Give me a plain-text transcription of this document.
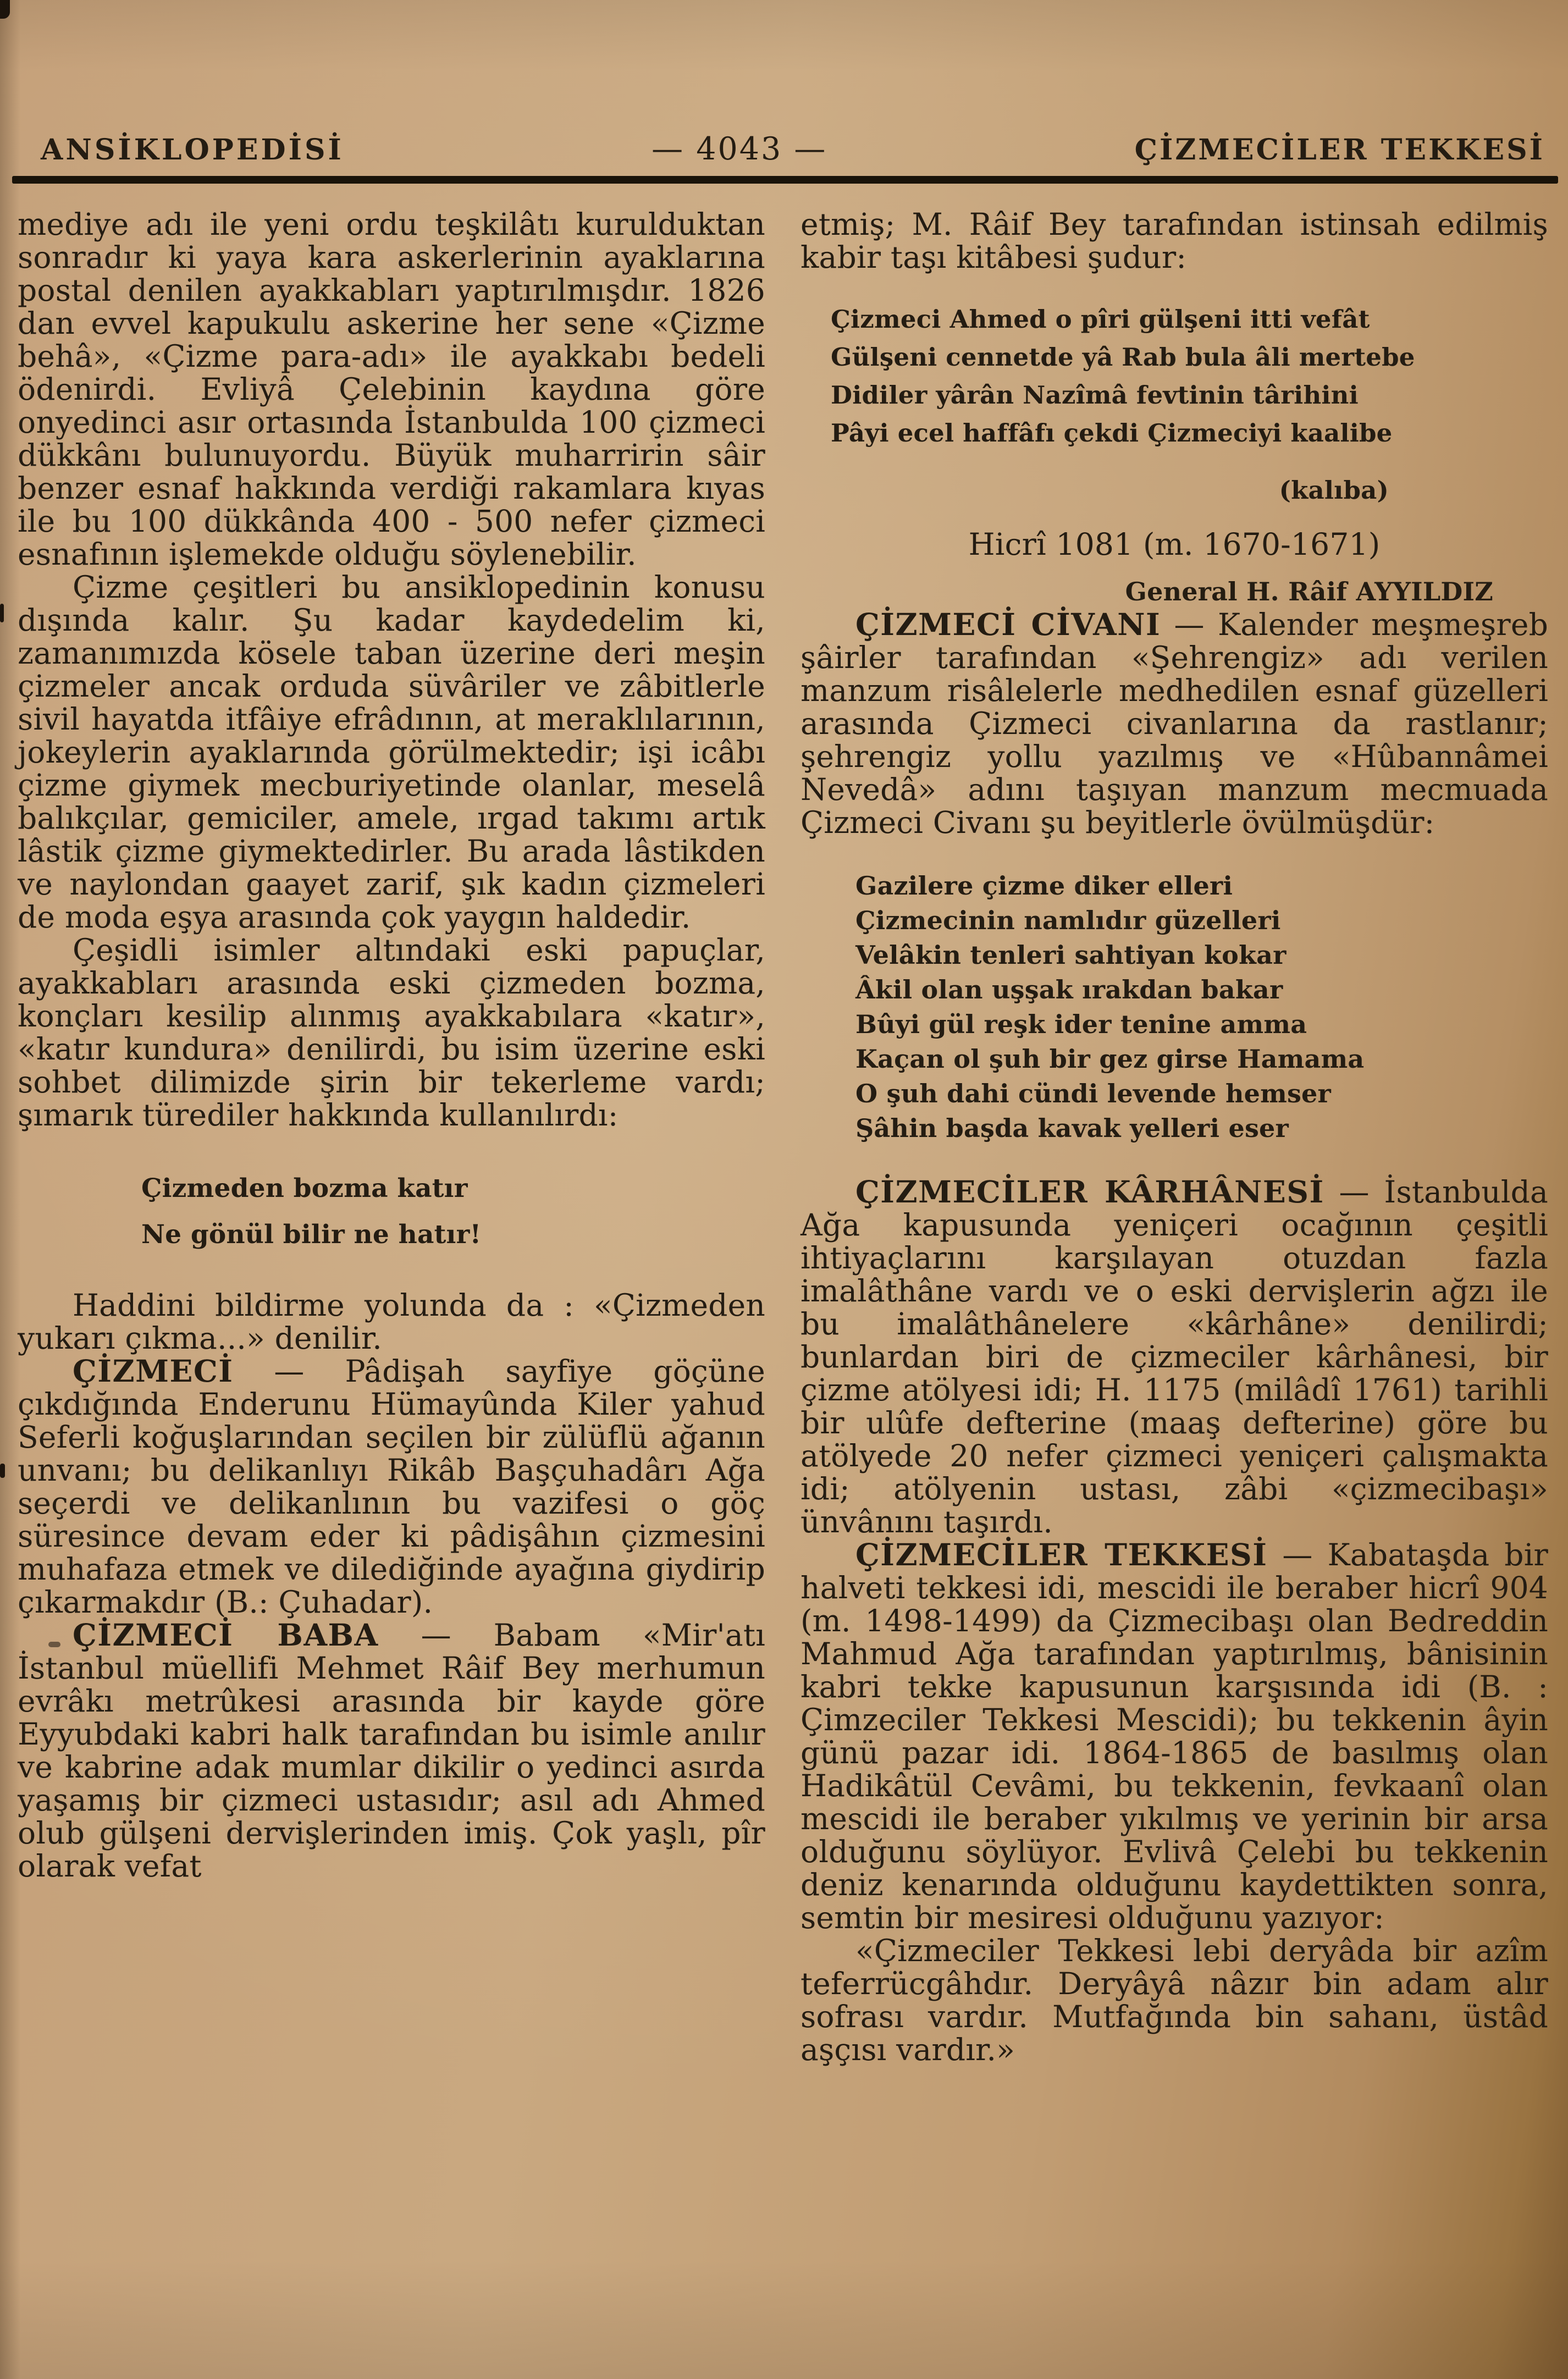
ANSİKLOPEDİSİ	— 4043 —	ÇİZMECİLER TEKKESİ

mediye adı ile yeni ordu teşkilâtı kurulduktan sonradır ki yaya kara askerlerinin ayaklarına postal denilen ayakkabları yaptırılmışdır. 1826 dan evvel kapukulu askerine her sene «Çizme behâ», «Çizme para-adı» ile ayakkabı bedeli ödenirdi. Evliyâ Çelebinin kaydına göre onyedinci asır ortasında İstanbulda 100 çizmeci dükkânı bulunuyordu. Büyük muharririn sâir benzer esnaf hakkında verdiği rakamlara kıyas ile bu 100 dükkânda 400 - 500 nefer çizmeci esnafının işlemekde olduğu söylenebilir.

Çizme çeşitleri bu ansiklopedinin konusu dışında kalır. Şu kadar kaydedelim ki, zamanımızda kösele taban üzerine deri meşin çizmeler ancak orduda süvâriler ve zâbitlerle sivil hayatda itfâiye efrâdının, at meraklılarının, jokeylerin ayaklarında görülmektedir; işi icâbı çizme giymek mecburiyetinde olanlar, meselâ balıkçılar, gemiciler, amele, ırgad takımı artık lâstik çizme giymektedirler. Bu arada lâstikden ve naylondan gaayet zarif, şık kadın çizmeleri de moda eşya arasında çok yaygın haldedir.

Çeşidli isimler altındaki eski papuçlar, ayakkabları arasında eski çizmeden bozma, konçları kesilip alınmış ayakkabılara «katır», «katır kundura» denilirdi, bu isim üzerine eski sohbet dilimizde şirin bir tekerleme vardı; şımarık türediler hakkında kullanılırdı:

Çizmeden bozma katır
Ne gönül bilir ne hatır!

Haddini bildirme yolunda da : «Çizmeden yukarı çıkma...» denilir.

ÇİZMECİ — Pâdişah sayfiye göçüne çıkdığında Enderunu Hümayûnda Kiler yahud Seferli koğuşlarından seçilen bir zülüflü ağanın unvanı; bu delikanlıyı Rikâb Başçuhadârı Ağa seçerdi ve delikanlının bu vazifesi o göç süresince devam eder ki pâdişâhın çizmesini muhafaza etmek ve dilediğinde ayağına giydirip çıkarmakdır (B.: Çuhadar).

ÇİZMECİ BABA — Babam «Mir'atı İstanbul müellifi Mehmet Râif Bey merhumun evrâkı metrûkesi arasında bir kayde göre Eyyubdaki kabri halk tarafından bu isimle anılır ve kabrine adak mumlar dikilir o yedinci asırda yaşamış bir çizmeci ustasıdır; asıl adı Ahmed olub gülşeni dervişlerinden imiş. Çok yaşlı, pîr olarak vefat

etmiş; M. Râif Bey tarafından istinsah edilmiş kabir taşı kitâbesi şudur:

Çizmeci Ahmed o pîri gülşeni itti vefât
Gülşeni cennetde yâ Rab bula âli mertebe
Didiler yârân Nazîmâ fevtinin târihini
Pâyi ecel haffâfı çekdi Çizmeciyi kaalibe
(kalıba)
Hicrî 1081 (m. 1670-1671)
General H. Râif AYYILDIZ

ÇİZMECİ CİVANI — Kalender meşmeşreb şâirler tarafından «Şehrengiz» adı verilen manzum risâlelerle medhedilen esnaf güzelleri arasında Çizmeci civanlarına da rastlanır; şehrengiz yollu yazılmış ve «Hûbannâmei Nevedâ» adını taşıyan manzum mecmuada Çizmeci Civanı şu beyitlerle övülmüşdür:

Gazilere çizme diker elleri
Çizmecinin namlıdır güzelleri
Velâkin tenleri sahtiyan kokar
Âkil olan uşşak ırakdan bakar
Bûyi gül reşk ider tenine amma
Kaçan ol şuh bir gez girse Hamama
O şuh dahi cündi levende hemser
Şâhin başda kavak yelleri eser

ÇİZMECİLER KÂRHÂNESİ — İstanbulda Ağa kapusunda yeniçeri ocağının çeşitli ihtiyaçlarını karşılayan otuzdan fazla imalâthâne vardı ve o eski dervişlerin ağzı ile bu imalâthânelere «kârhâne» denilirdi; bunlardan biri de çizmeciler kârhânesi, bir çizme atölyesi idi; H. 1175 (milâdî 1761) tarihli bir ulûfe defterine (maaş defterine) göre bu atölyede 20 nefer çizmeci yeniçeri çalışmakta idi; atölyenin ustası, zâbi «çizmecibaşı» ünvânını taşırdı.

ÇİZMECİLER TEKKESİ — Kabataşda bir halveti tekkesi idi, mescidi ile beraber hicrî 904 (m. 1498-1499) da Çizmecibaşı olan Bedreddin Mahmud Ağa tarafından yaptırılmış, bânisinin kabri tekke kapusunun karşısında idi (B. : Çimzeciler Tekkesi Mescidi); bu tekkenin âyin günü pazar idi. 1864-1865 de basılmış olan Hadikâtül Cevâmi, bu tekkenin, fevkaanî olan mescidi ile beraber yıkılmış ve yerinin bir arsa olduğunu söylüyor. Evlivâ Çelebi bu tekkenin deniz kenarında olduğunu kaydettikten sonra, semtin bir mesiresi olduğunu yazıyor:

«Çizmeciler Tekkesi lebi deryâda bir azîm teferrücgâhdır. Deryâyâ nâzır bin adam alır sofrası vardır. Mutfağında bin sahanı, üstâd aşçısı vardır.»
